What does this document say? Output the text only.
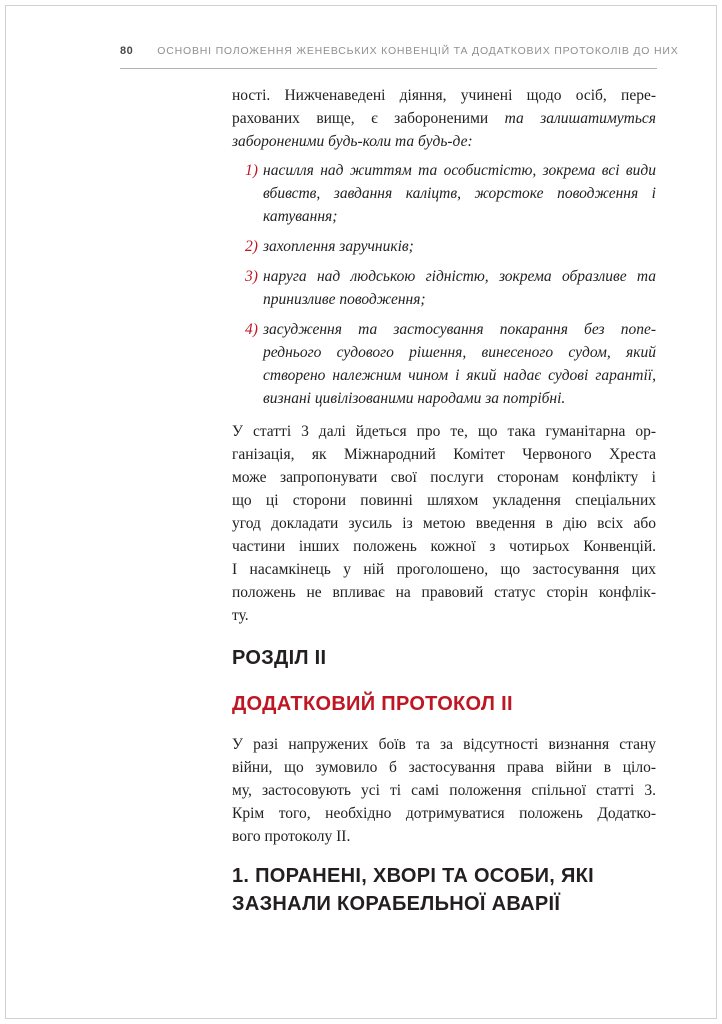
80 ОСНОВНІ ПОЛОЖЕННЯ ЖЕНЕВСЬКИХ КОНВЕНЦІЙ ТА ДОДАТКОВИХ ПРОТОКОЛІВ ДО НИХ
ності. Нижченаведені діяння, учинені щодо осіб, пере-
рахованих вище, є забороненими та залишатимуться
забороненими будь-коли та будь-де:
1) насилля над життям та особистістю, зокрема всі види
вбивств, завдання каліцтв, жорстоке поводження і
катування;
2) захоплення заручників;
3) наруга над людською гідністю, зокрема образливе та
принизливе поводження;
4) засудження та застосування покарання без попе-
реднього судового рішення, винесеного судом, який
створено належним чином і який надає судові гарантії,
визнані цивілізованими народами за потрібні.
У статті 3 далі йдеться про те, що така гуманітарна ор-
ганізація, як Міжнародний Комітет Червоного Хреста
може запропонувати свої послуги сторонам конфлікту і
що ці сторони повинні шляхом укладення спеціальних
угод докладати зусиль із метою введення в дію всіх або
частини інших положень кожної з чотирьох Конвенцій.
І насамкінець у ній проголошено, що застосування цих
положень не впливає на правовий статус сторін конфлік-
ту.
РОЗДІЛ ІІ
ДОДАТКОВИЙ ПРОТОКОЛ ІІ
У разі напружених боїв та за відсутності визнання стану
війни, що зумовило б застосування права війни в ціло-
му, застосовують усі ті самі положення спільної статті 3.
Крім того, необхідно дотримуватися положень Додатко-
вого протоколу ІІ.
1. ПОРАНЕНІ, ХВОРІ ТА ОСОБИ, ЯКІ
ЗАЗНАЛИ КОРАБЕЛЬНОЇ АВАРІЇ
